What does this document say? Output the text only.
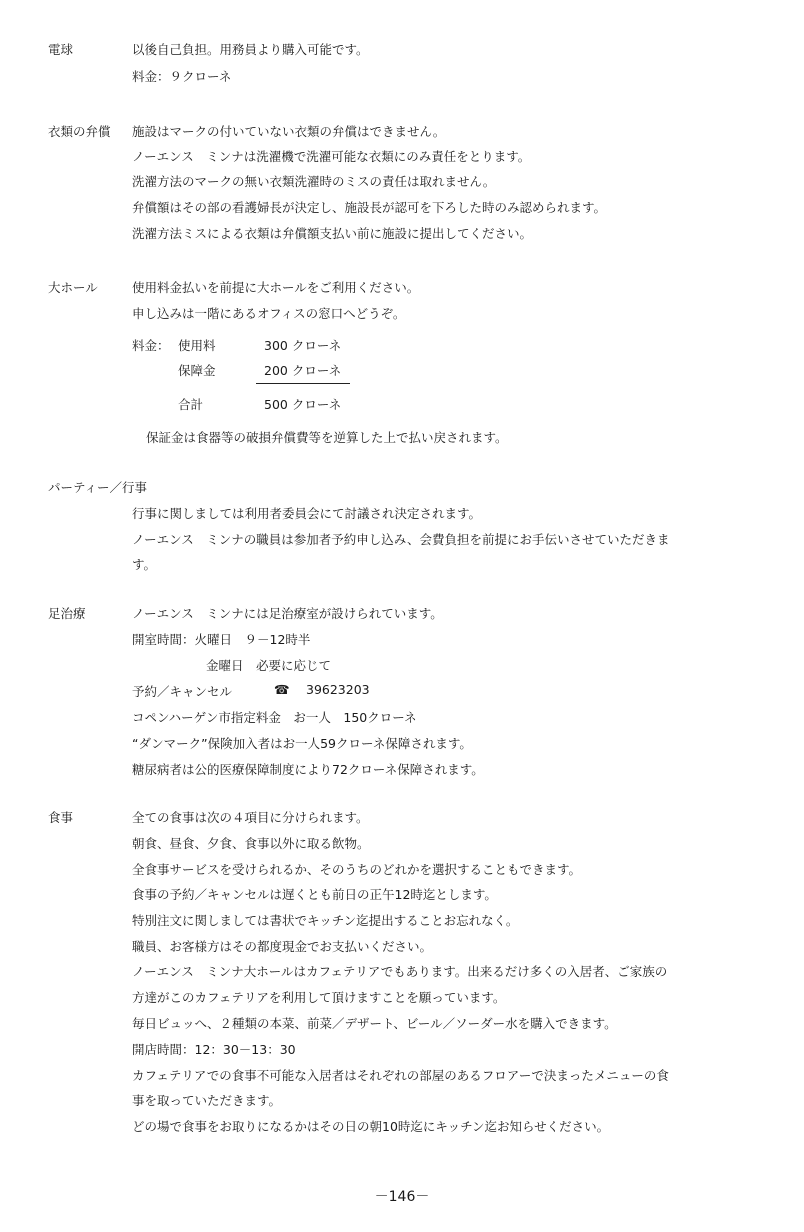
電球	以後自己負担。用務員より購入可能です。
料金：９クローネ
衣類の弁償 施設はマークの付いていない衣類の弁償はできません。
ノーエンス　ミンナは洗濯機で洗濯可能な衣類にのみ責任をとります。
洗濯方法のマークの無い衣類洗濯時のミスの責任は取れません。
弁償額はその部の看護婦長が決定し、施設長が認可を下ろした時のみ認められます。
洗濯方法ミスによる衣類は弁償額支払い前に施設に提出してください。
大ホール	使用料金払いを前提に大ホールをご利用ください。
申し込みは一階にあるオフィスの窓口へどうぞ。
料金： 使用料	300 クローネ
保障金	200 クローネ
合計	500 クローネ
保証金は食器等の破損弁償費等を逆算した上で払い戻されます。
パーティー／行事
行事に関しましては利用者委員会にて討議され決定されます。
ノーエンス　ミンナの職員は参加者予約申し込み、会費負担を前提にお手伝いさせていただきま
す。
足治療	ノーエンス　ミンナには足治療室が設けられています。
開室時間：火曜日　９－12時半
金曜日　必要に応じて
予約／キャンセル	☎ 39623203
コペンハーゲン市指定料金　お一人　150クローネ
“ダンマーク”保険加入者はお一人59クローネ保障されます。
糖尿病者は公的医療保障制度により72クローネ保障されます。
食事	全ての食事は次の４項目に分けられます。
朝食、昼食、夕食、食事以外に取る飲物。
全食事サービスを受けられるか、そのうちのどれかを選択することもできます。
食事の予約／キャンセルは遅くとも前日の正午12時迄とします。
特別注文に関しましては書状でキッチン迄提出することお忘れなく。
職員、お客様方はその都度現金でお支払いください。
ノーエンス　ミンナ大ホールはカフェテリアでもあります。出来るだけ多くの入居者、ご家族の
方達がこのカフェテリアを利用して頂けますことを願っています。
毎日ビュッへ、２種類の本菜、前菜／デザート、ビール／ソーダー水を購入できます。
開店時間：12：30－13：30
カフェテリアでの食事不可能な入居者はそれぞれの部屋のあるフロアーで決まったメニューの食
事を取っていただきます。
どの場で食事をお取りになるかはその日の朝10時迄にキッチン迄お知らせください。
－146－
